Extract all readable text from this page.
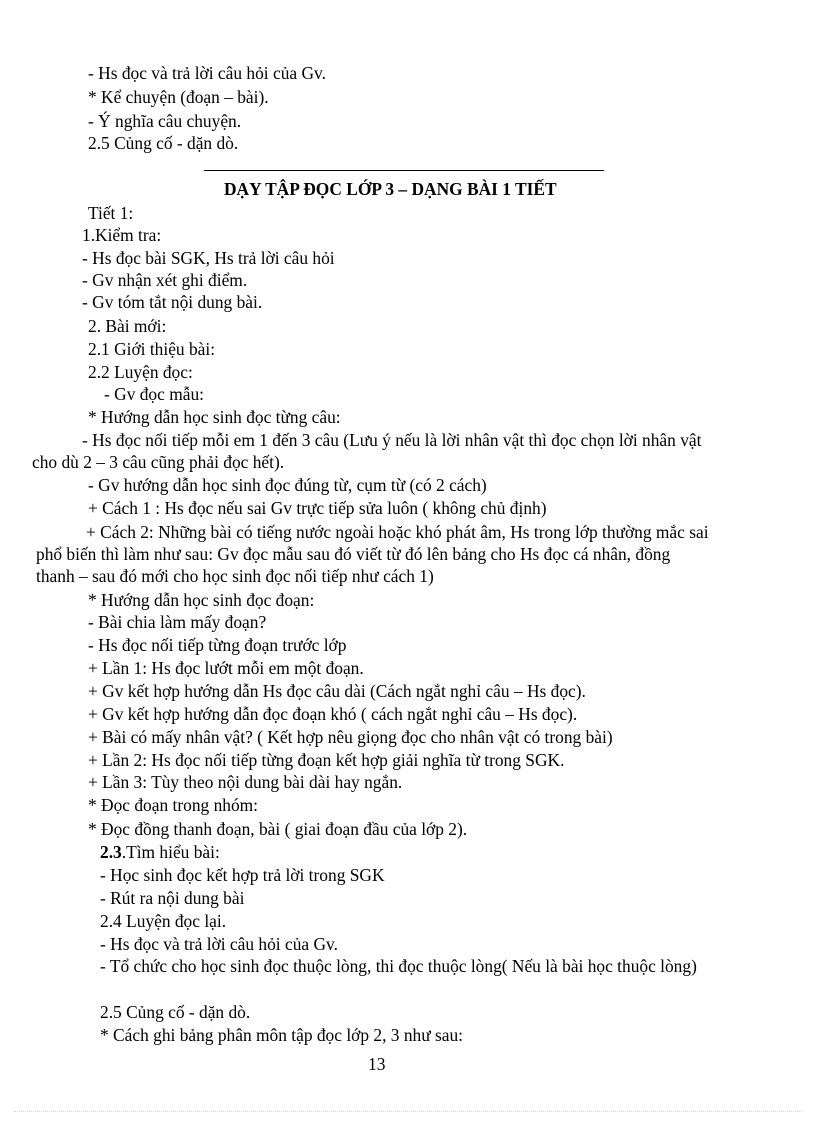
- Hs đọc và trả lời câu hỏi của Gv.
* Kể chuyện (đoạn – bài).
- Ý nghĩa câu chuyện.
2.5 Củng cố - dặn dò.
DẠY TẬP ĐỌC LỚP 3 – DẠNG BÀI 1 TIẾT
Tiết 1:
1.Kiểm tra:
- Hs đọc bài SGK, Hs trả lời câu hỏi
- Gv nhận xét ghi điểm.
- Gv tóm tắt nội dung bài.
2. Bài mới:
2.1 Giới thiệu bài:
2.2 Luyện đọc:
- Gv đọc mẫu:
* Hướng dẫn học sinh đọc từng câu:
- Hs đọc nối tiếp mỗi em 1 đến 3 câu (Lưu ý nếu là lời nhân vật thì đọc chọn lời nhân vật cho dù 2 – 3 câu cũng phải đọc hết).
- Gv hướng dẫn học sinh đọc đúng từ, cụm từ (có 2 cách)
+ Cách 1 : Hs đọc nếu sai Gv trực tiếp sửa luôn ( không chủ định)
+ Cách 2: Những bài có tiếng nước ngoài hoặc khó phát âm, Hs trong lớp thường mắc sai phổ biến thì làm như sau: Gv đọc mẫu sau đó viết từ đó lên bảng cho Hs đọc cá nhân, đồng thanh – sau đó mới cho học sinh đọc nối tiếp như cách 1)
* Hướng dẫn học sinh đọc đoạn:
- Bài chia làm mấy đoạn?
- Hs đọc nối tiếp từng đoạn trước lớp
+ Lần 1: Hs đọc lướt mỗi em một đoạn.
+ Gv kết hợp hướng dẫn Hs đọc câu dài (Cách ngắt nghỉ câu – Hs đọc).
+ Gv kết hợp hướng dẫn đọc đoạn khó ( cách ngắt nghỉ câu – Hs đọc).
+ Bài có mấy nhân vật? ( Kết hợp nêu giọng đọc cho nhân vật có trong bài)
+ Lần 2: Hs đọc nối tiếp từng đoạn kết hợp giải nghĩa từ trong SGK.
+ Lần 3: Tùy theo nội dung bài dài hay ngắn.
* Đọc đoạn trong nhóm:
* Đọc đồng thanh đoạn, bài ( giai đoạn đầu của lớp 2).
2.3.Tìm hiểu bài:
- Học sinh đọc kết hợp trả lời trong SGK
- Rút ra nội dung bài
2.4 Luyện đọc lại.
- Hs đọc và trả lời câu hỏi của Gv.
- Tổ chức cho học sinh đọc thuộc lòng, thi đọc thuộc lòng( Nếu là bài học thuộc lòng)
2.5 Củng cố - dặn dò.
* Cách ghi bảng phân môn tập đọc lớp 2, 3 như sau:
13
